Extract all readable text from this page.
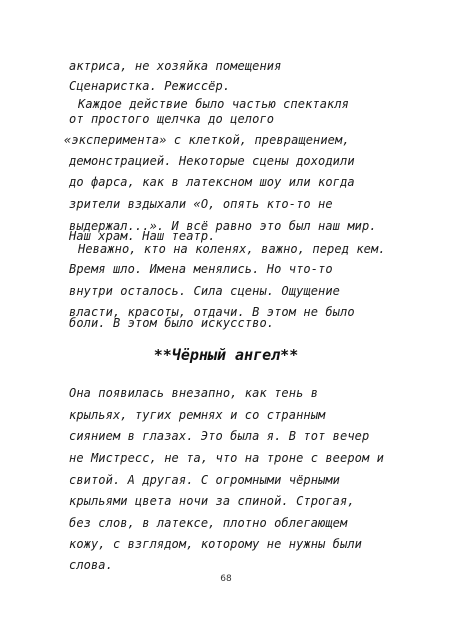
актриса, не хозяйка помещения
Сценаристка. Режиссёр.
Каждое действие было частью спектакля
от простого щелчка до целого
«эксперимента» с клеткой, превращением,
демонстрацией. Некоторые сцены доходили
до фарса, как в латексном шоу или когда
зрители вздыхали «О, опять кто-то не
выдержал...». И всё равно это был наш мир.
Наш храм. Наш театр.
Неважно, кто на коленях, важно, перед кем.
Время шло. Имена менялись. Но что-то
внутри осталось. Сила сцены. Ощущение
власти, красоты, отдачи. В этом не было
**Чёрный ангел**
Она появилась внезапно, как тень в
крыльях, тугих ремнях и со странным
сиянием в глазах. Это была я. В тот вечер
не Мистресс, не та, что на троне с веером и
свитой. А другая. С огромными чёрными
крыльями цвета ночи за спиной. Строгая,
без слов, в латексе, плотно облегающем
кожу, с взглядом, которому не нужны были
слова.
68
боли. В этом было искусство.
